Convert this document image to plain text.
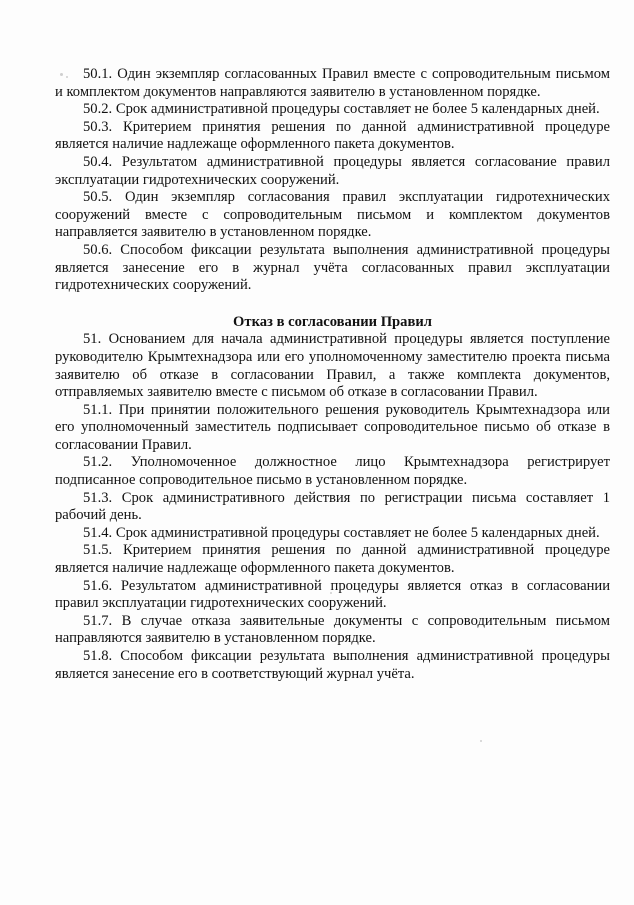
50.1. Один экземпляр согласованных Правил вместе с сопроводительным письмом и комплектом документов направляются заявителю в установленном порядке.

50.2. Срок административной процедуры составляет не более 5 календарных дней.

50.3. Критерием принятия решения по данной административной процедуре является наличие надлежаще оформленного пакета документов.

50.4. Результатом административной процедуры является согласование правил эксплуатации гидротехнических сооружений.

50.5. Один экземпляр согласования правил эксплуатации гидротехнических сооружений вместе с сопроводительным письмом и комплектом документов направляется заявителю в установленном порядке.

50.6. Способом фиксации результата выполнения административной процедуры является занесение его в журнал учёта согласованных правил эксплуатации гидротехнических сооружений.

Отказ в согласовании Правил

51. Основанием для начала административной процедуры является поступление руководителю Крымтехнадзора или его уполномоченному заместителю проекта письма заявителю об отказе в согласовании Правил, а также комплекта документов, отправляемых заявителю вместе с письмом об отказе в согласовании Правил.

51.1. При принятии положительного решения руководитель Крымтехнадзора или его уполномоченный заместитель подписывает сопроводительное письмо об отказе в согласовании Правил.

51.2. Уполномоченное должностное лицо Крымтехнадзора регистрирует подписанное сопроводительное письмо в установленном порядке.

51.3. Срок административного действия по регистрации письма составляет 1 рабочий день.

51.4. Срок административной процедуры составляет не более 5 календарных дней.

51.5. Критерием принятия решения по данной административной процедуре является наличие надлежаще оформленного пакета документов.

51.6. Результатом административной процедуры является отказ в согласовании правил эксплуатации гидротехнических сооружений.

51.7. В случае отказа заявительные документы с сопроводительным письмом направляются заявителю в установленном порядке.

51.8. Способом фиксации результата выполнения административной процедуры является занесение его в соответствующий журнал учёта.
